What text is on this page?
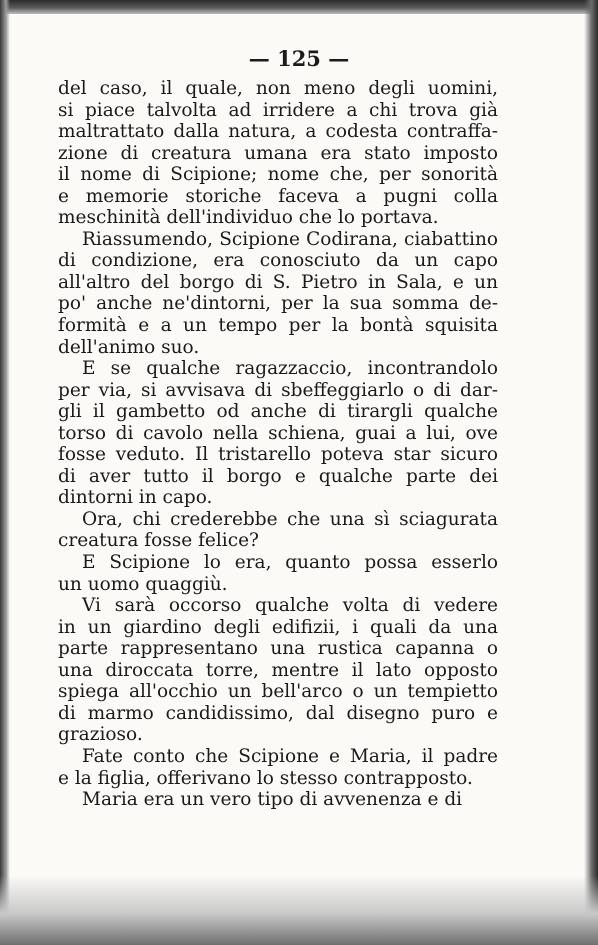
— 125 —
del caso, il quale, non meno degli uomini,
si piace talvolta ad irridere a chi trova già
maltrattato dalla natura, a codesta contraffa-
zione di creatura umana era stato imposto
il nome di Scipione; nome che, per sonorità
e memorie storiche faceva a pugni colla
meschinità dell'individuo che lo portava.
Riassumendo, Scipione Codirana, ciabattino
di condizione, era conosciuto da un capo
all'altro del borgo di S. Pietro in Sala, e un
po' anche ne'dintorni, per la sua somma de-
formità e a un tempo per la bontà squisita
dell'animo suo.
E se qualche ragazzaccio, incontrandolo
per via, si avvisava di sbeffeggiarlo o di dar-
gli il gambetto od anche di tirargli qualche
torso di cavolo nella schiena, guai a lui, ove
fosse veduto. Il tristarello poteva star sicuro
di aver tutto il borgo e qualche parte dei
dintorni in capo.
Ora, chi crederebbe che una sì sciagurata
creatura fosse felice?
E Scipione lo era, quanto possa esserlo
un uomo quaggiù.
Vi sarà occorso qualche volta di vedere
in un giardino degli edifizii, i quali da una
parte rappresentano una rustica capanna o
una diroccata torre, mentre il lato opposto
spiega all'occhio un bell'arco o un tempietto
di marmo candidissimo, dal disegno puro e
grazioso.
Fate conto che Scipione e Maria, il padre
e la figlia, offerivano lo stesso contrapposto.
Maria era un vero tipo di avvenenza e di
